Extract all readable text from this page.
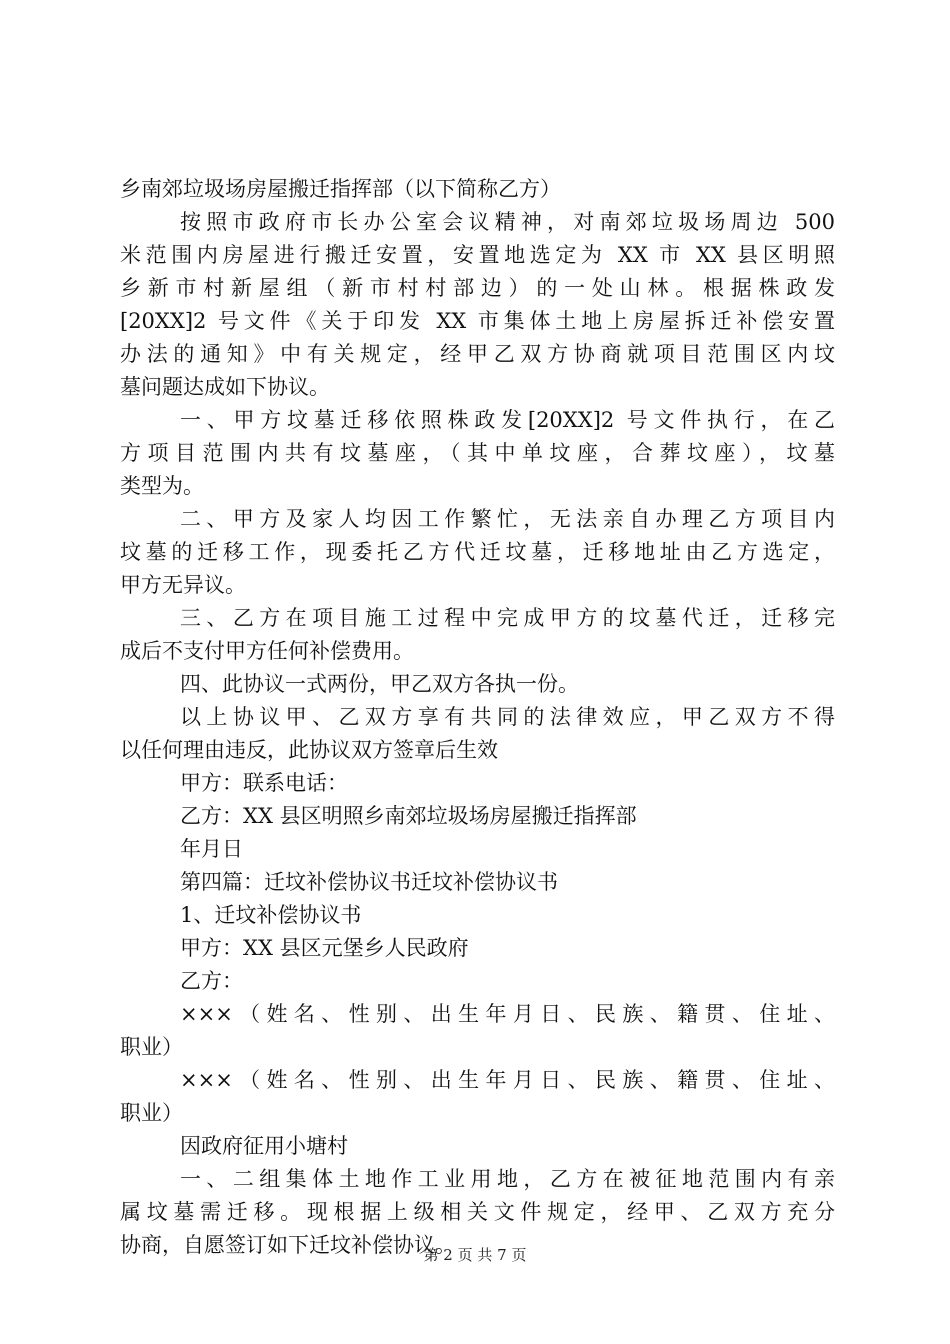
乡南郊垃圾场房屋搬迁指挥部（以下简称乙方）
按照市政府市长办公室会议精神，对南郊垃圾场周边 500
米范围内房屋进行搬迁安置，安置地选定为 XX 市 XX 县区明照
乡新市村新屋组（新市村村部边）的一处山林。根据株政发
[20XX]2 号文件《关于印发 XX 市集体土地上房屋拆迁补偿安置
办法的通知》中有关规定，经甲乙双方协商就项目范围区内坟
墓问题达成如下协议。
一、甲方坟墓迁移依照株政发[20XX]2 号文件执行，在乙
方项目范围内共有坟墓座，（其中单坟座，合葬坟座），坟墓
类型为。
二、甲方及家人均因工作繁忙，无法亲自办理乙方项目内
坟墓的迁移工作，现委托乙方代迁坟墓，迁移地址由乙方选定，
甲方无异议。
三、乙方在项目施工过程中完成甲方的坟墓代迁，迁移完
成后不支付甲方任何补偿费用。
四、此协议一式两份，甲乙双方各执一份。
以上协议甲、乙双方享有共同的法律效应，甲乙双方不得
以任何理由违反，此协议双方签章后生效
甲方：联系电话：
乙方：XX 县区明照乡南郊垃圾场房屋搬迁指挥部
年月日
第四篇：迁坟补偿协议书迁坟补偿协议书
1、迁坟补偿协议书
甲方：XX 县区元堡乡人民政府
乙方：
×××（姓名、性别、出生年月日、民族、籍贯、住址、
职业）
×××（姓名、性别、出生年月日、民族、籍贯、住址、
职业）
因政府征用小塘村
一、二组集体土地作工业用地，乙方在被征地范围内有亲
属坟墓需迁移。现根据上级相关文件规定，经甲、乙双方充分
协商，自愿签订如下迁坟补偿协议。
第 2 页 共 7 页
